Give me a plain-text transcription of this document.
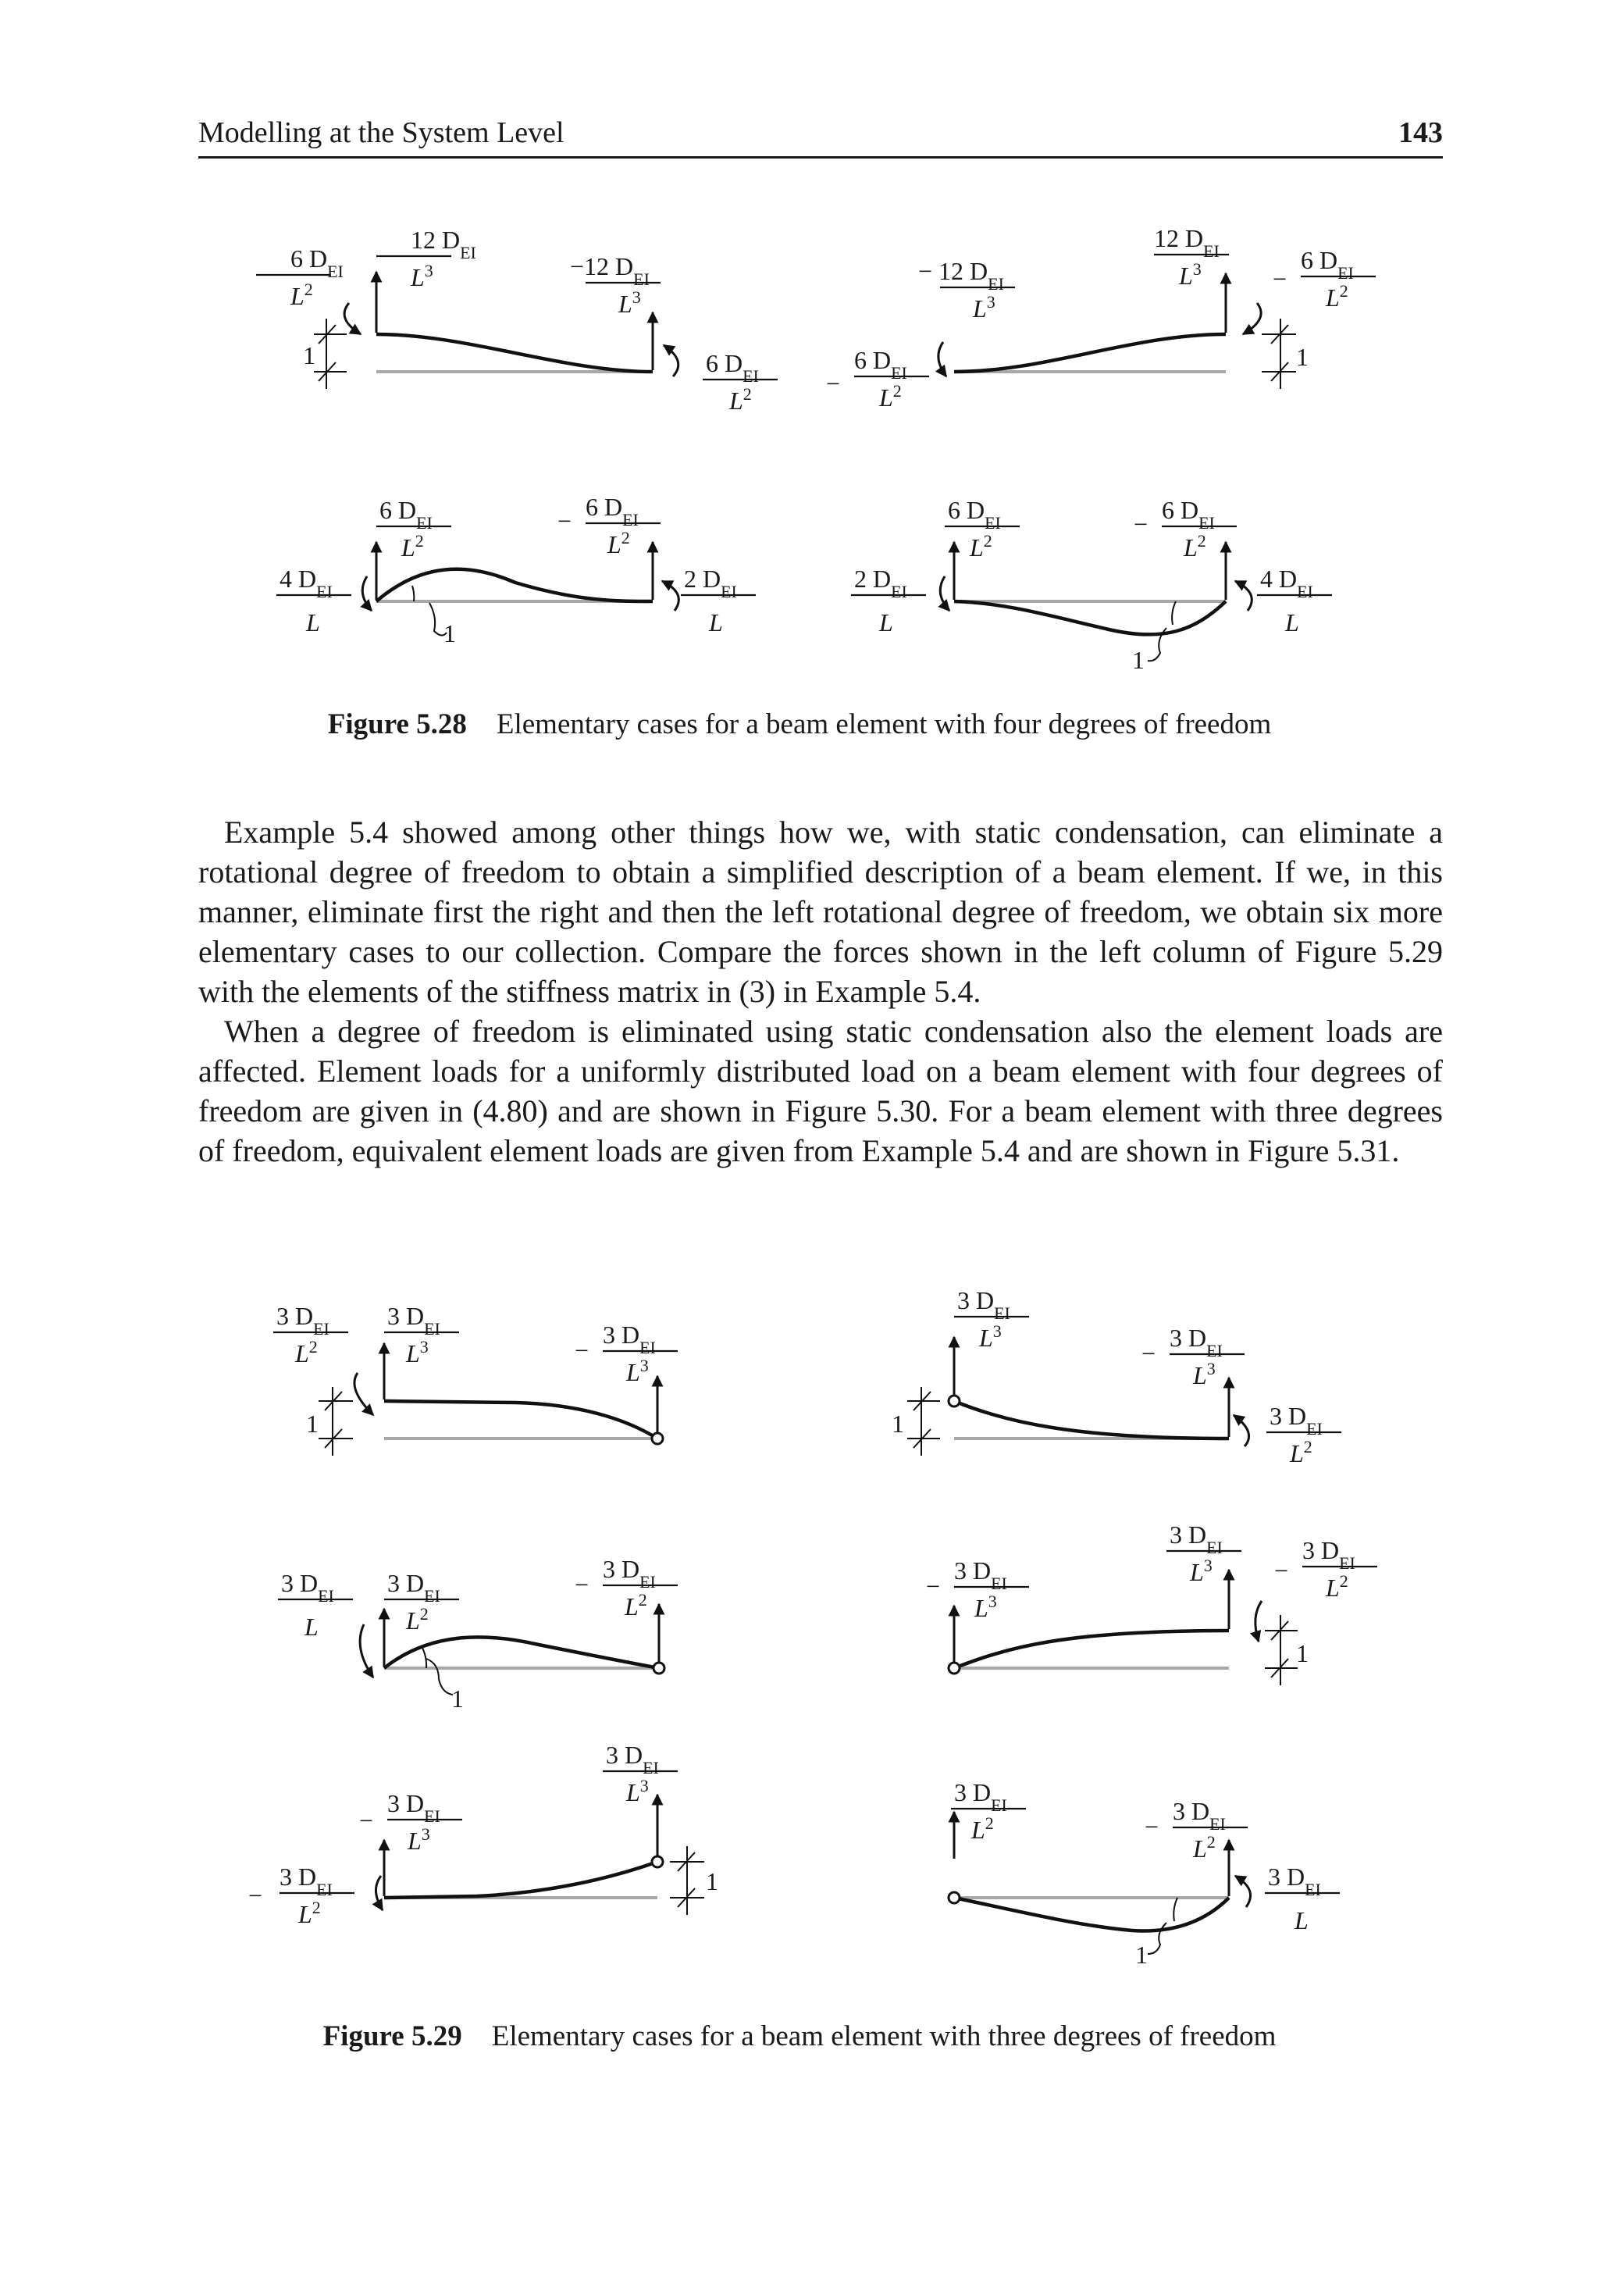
Modelling at the System Level	143
1
6 $D_{EI}$
$L^2$
12 $D_{EI}$
$L^3$	−12 $D_{EI}$
$L^3$
6 $D_{EI}$
$L^2$
1
− 12 $D_{EI}$
$L^3$
6 $D_{EI}$
− $L^2$
12 $D_{EI}$
$L^3$	−
6 $D_{EI}$
$L^2$
1
4 $D_{EI}$
L
6 $D_{EI}$
$L^2$
− 6 $D_{EI}$
$L^2$
2 $D_{EI}$
L
1
2 $D_{EI}$
L
6 $D_{EI}$
$L^2$
− 6 $D_{EI}$
$L^2$
4 $D_{EI}$
L
Figure 5.28 Elementary cases for a beam element with four degrees of freedom

Example 5.4 showed among other things how we, with static condensation, can eliminate a rotational degree of freedom to obtain a simplified description of a beam element. If we, in this manner, eliminate first the right and then the left rotational degree of freedom, we obtain six more elementary cases to our collection. Compare the forces shown in the left column of Figure 5.29 with the elements of the stiffness matrix in (3) in Example 5.4.

When a degree of freedom is eliminated using static condensation also the element loads are affected. Element loads for a uniformly distributed load on a beam element with four degrees of freedom are given in (4.80) and are shown in Figure 5.30. For a beam element with three degrees of freedom, equivalent element loads are given from Example 5.4 and are shown in Figure 5.31.

1
3 $D_{EI}$
$L^2$
3 $D_{EI}$
$L^3$	−
3 $D_{EI}$
$L^3$
1
3 $D_{EI}$
$L^3$
−
3 $D_{EI}$
$L^3$
3 $D_{EI}$
$L^2$
1
3 $D_{EI}$
L
3 $D_{EI}$
$L^2$
−
3 $D_{EI}$
$L^2$
1
−
3 $D_{EI}$
$L^3$
3 $D_{EI}$
$L^3$ −
3 $D_{EI}$
$L^2$
1
−
3 $D_{EI}$
$L^2$
−
3 $D_{EI}$
$L^3$
3 $D_{EI}$
$L^3$
1
3 $D_{EI}$
$L^2$	−
3 $D_{EI}$
$L^2$
3 $D_{EI}$
L
Figure 5.29 Elementary cases for a beam element with three degrees of freedom
